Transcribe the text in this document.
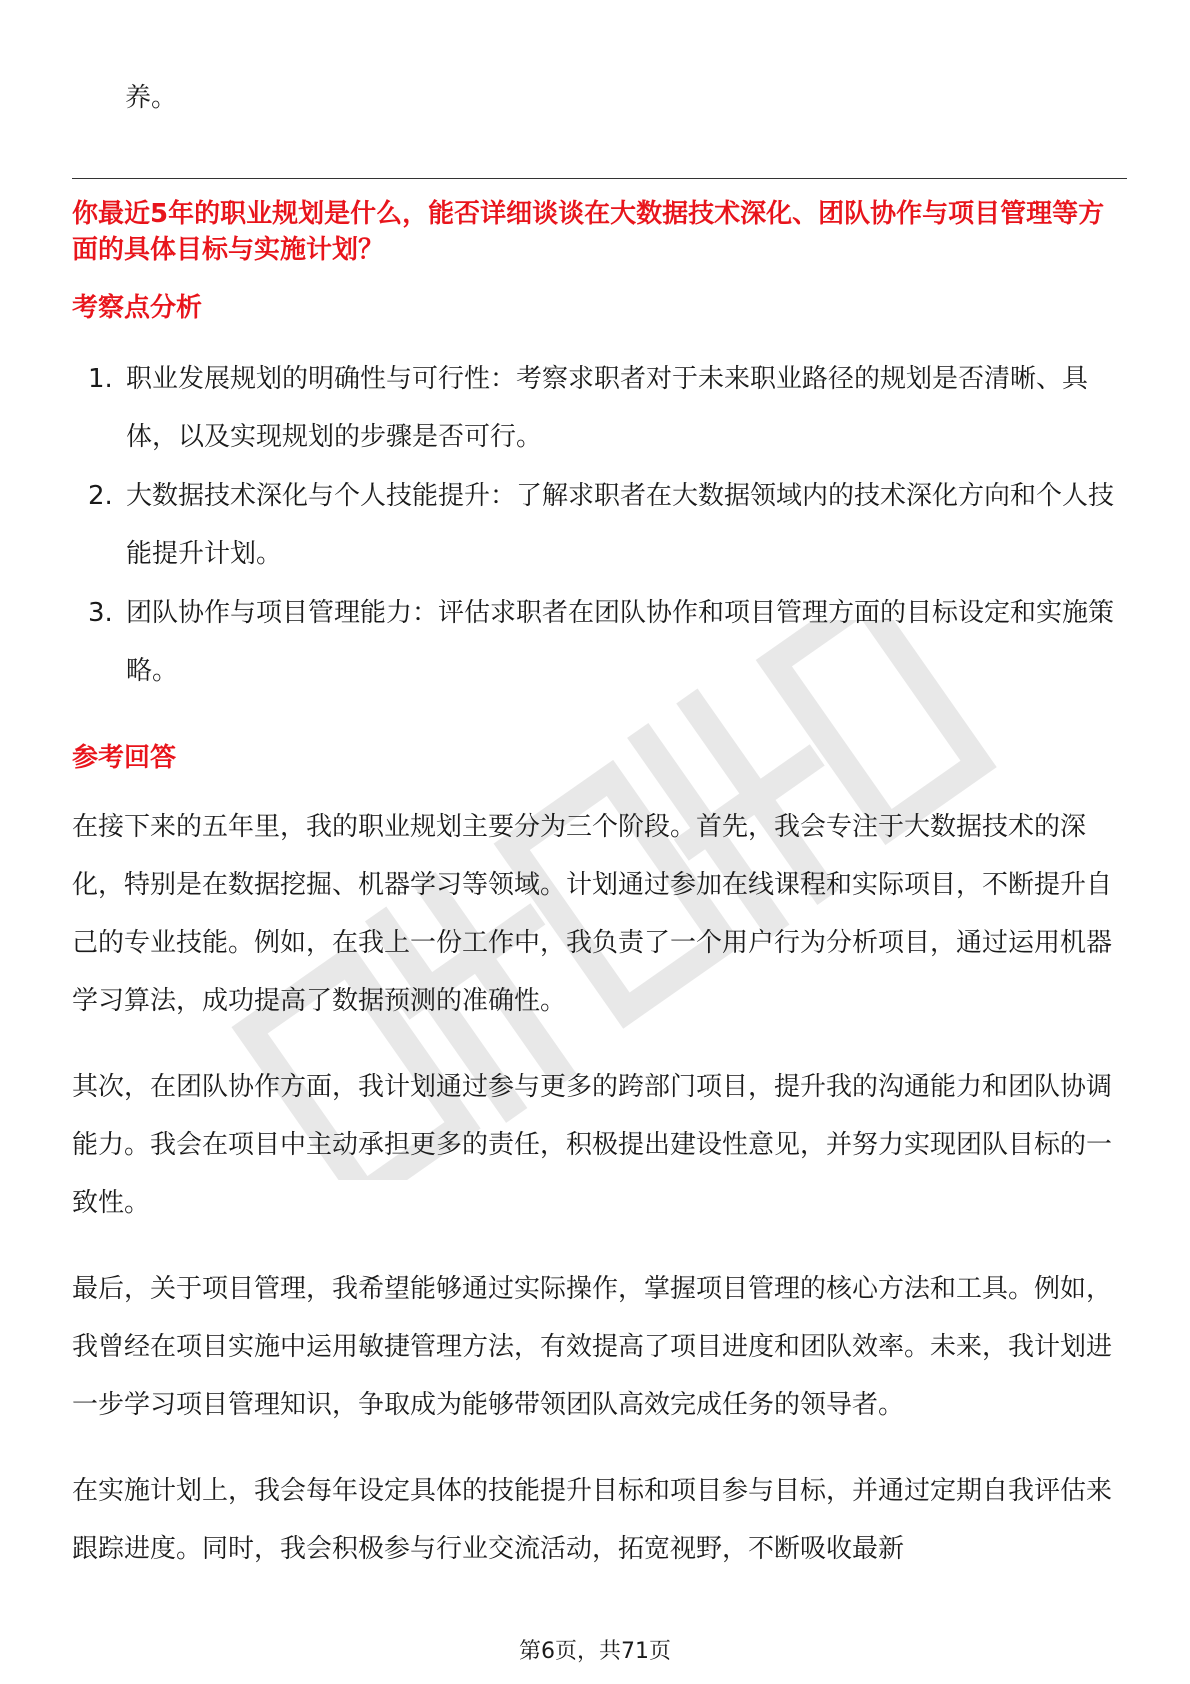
养。

你最近5年的职业规划是什么，能否详细谈谈在大数据技术深化、团队协作与项目管理等方面的具体目标与实施计划？
考察点分析
1. 职业发展规划的明确性与可行性：考察求职者对于未来职业路径的规划是否清晰、具体，以及实现规划的步骤是否可行。
2. 大数据技术深化与个人技能提升：了解求职者在大数据领域内的技术深化方向和个人技能提升计划。
3. 团队协作与项目管理能力：评估求职者在团队协作和项目管理方面的目标设定和实施策略。
参考回答

在接下来的五年里，我的职业规划主要分为三个阶段。首先，我会专注于大数据技术的深化，特别是在数据挖掘、机器学习等领域。计划通过参加在线课程和实际项目，不断提升自己的专业技能。例如，在我上一份工作中，我负责了一个用户行为分析项目，通过运用机器学习算法，成功提高了数据预测的准确性。

其次，在团队协作方面，我计划通过参与更多的跨部门项目，提升我的沟通能力和团队协调能力。我会在项目中主动承担更多的责任，积极提出建设性意见，并努力实现团队目标的一致性。

最后，关于项目管理，我希望能够通过实际操作，掌握项目管理的核心方法和工具。例如，我曾经在项目实施中运用敏捷管理方法，有效提高了项目进度和团队效率。未来，我计划进一步学习项目管理知识，争取成为能够带领团队高效完成任务的领导者。

在实施计划上，我会每年设定具体的技能提升目标和项目参与目标，并通过定期自我评估来跟踪进度。同时，我会积极参与行业交流活动，拓宽视野，不断吸收最新

第6页，共71页
